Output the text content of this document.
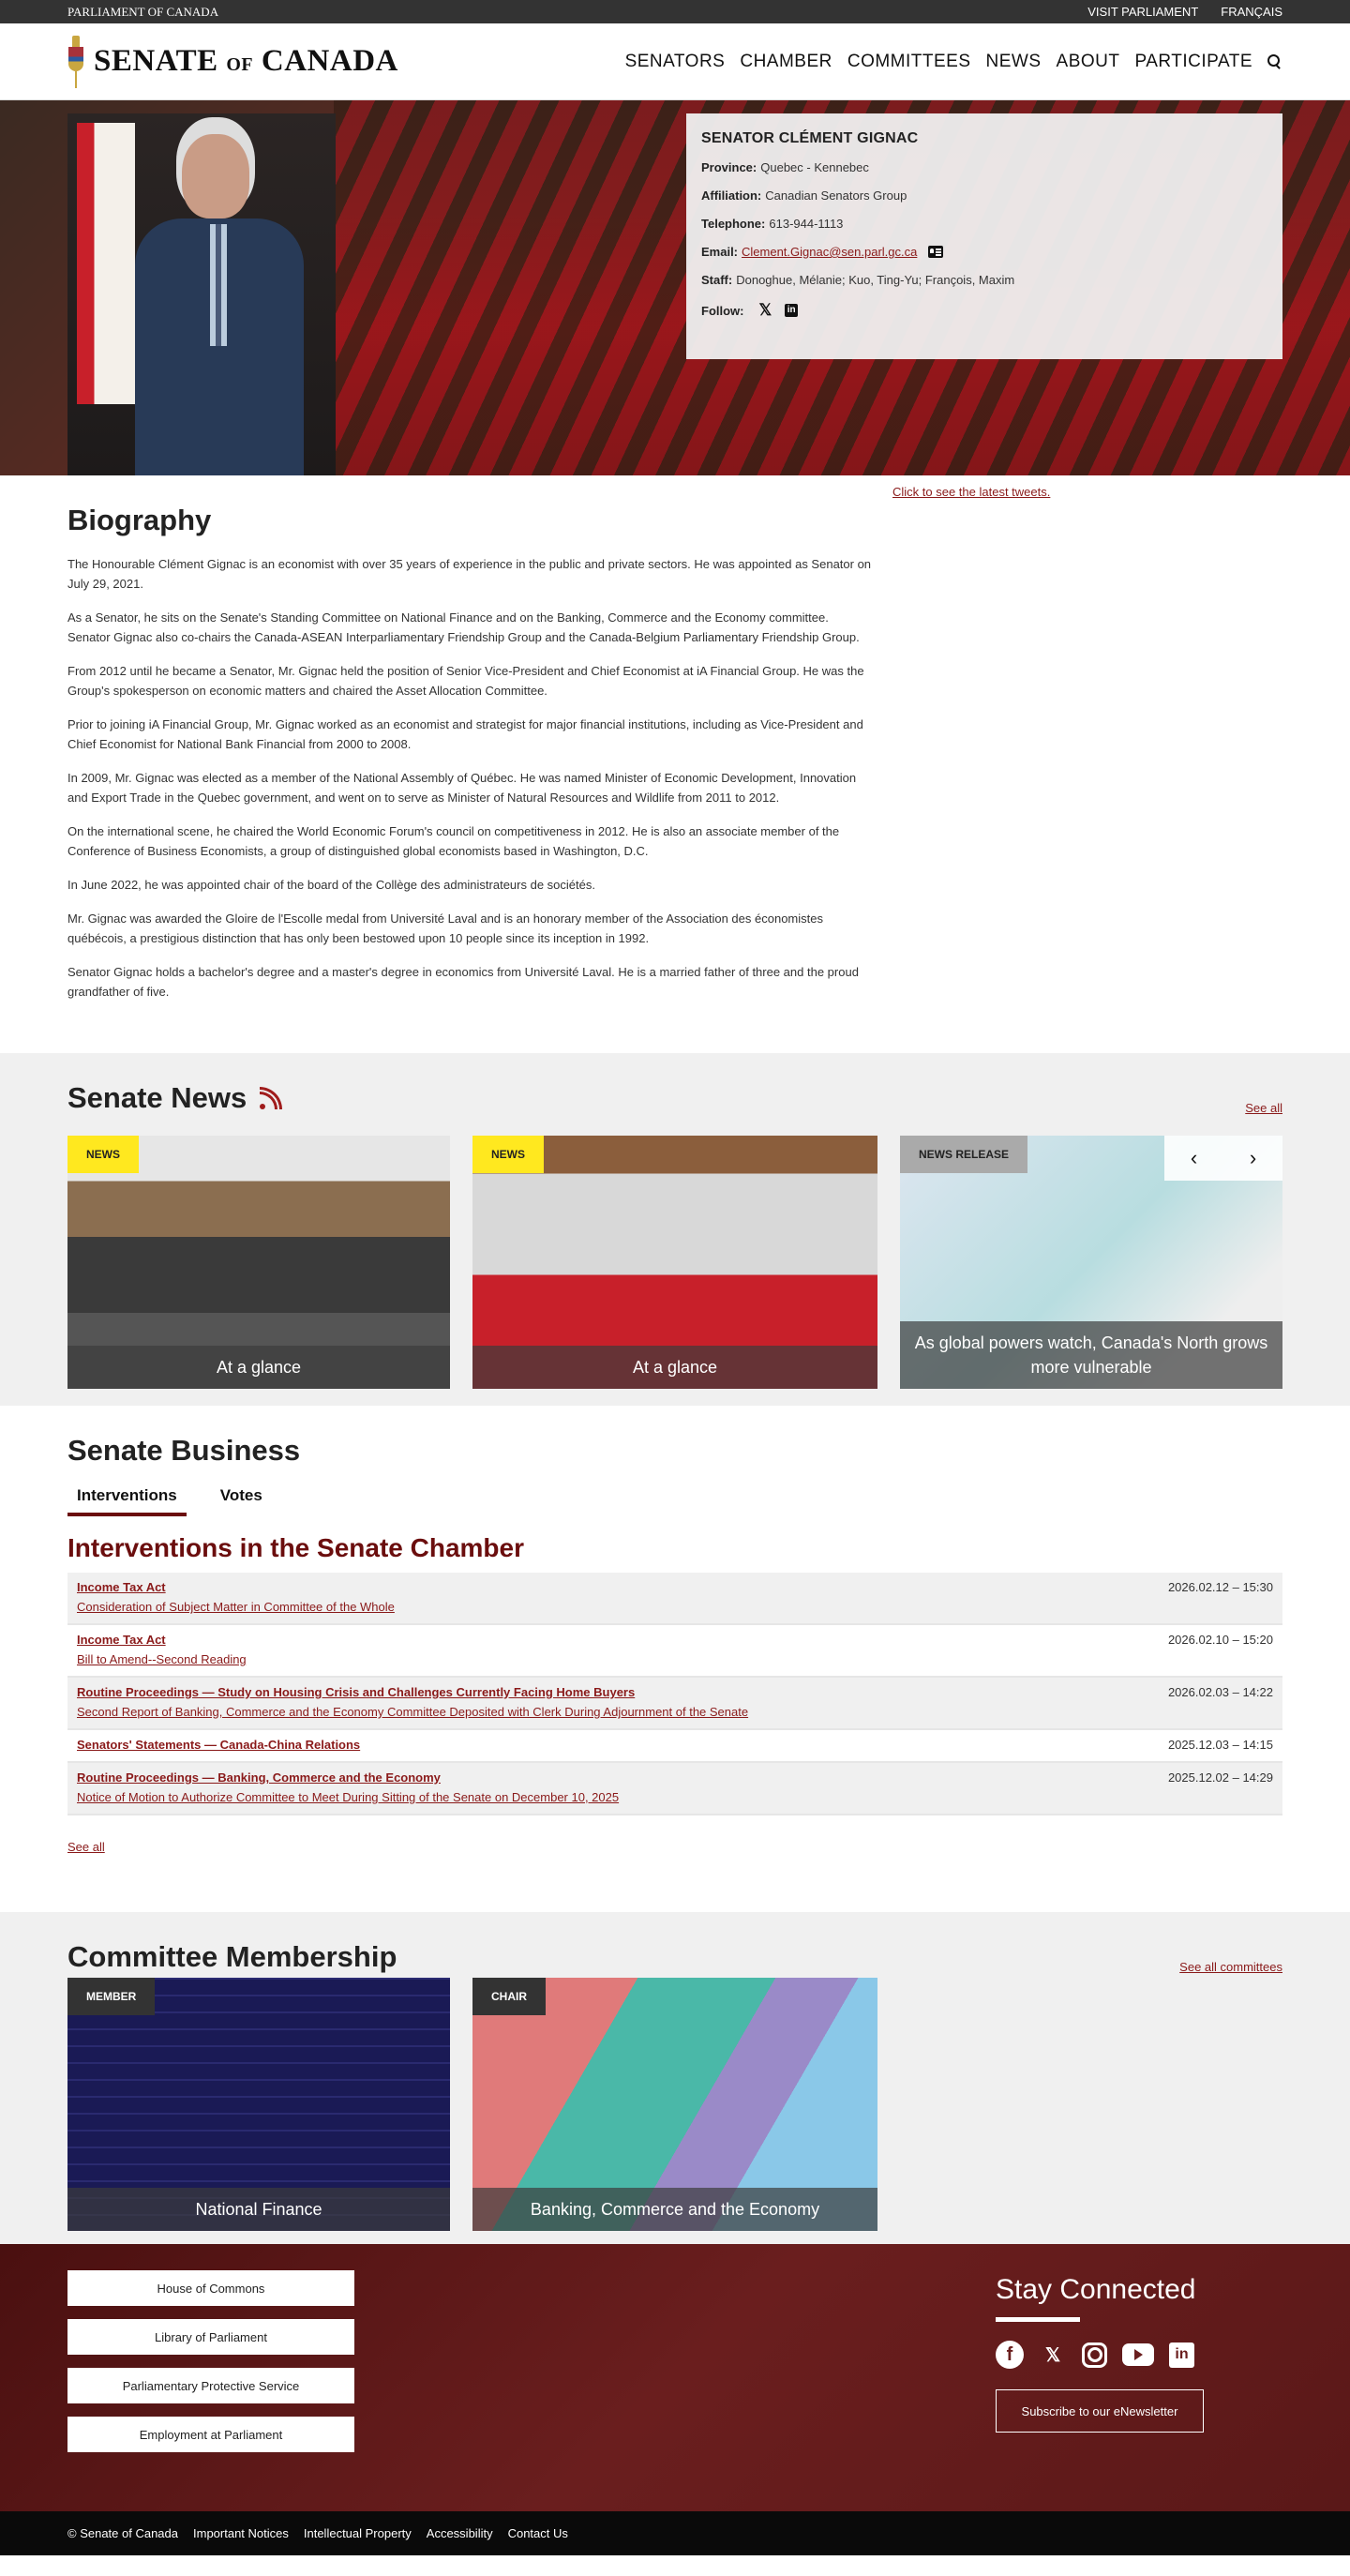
PARLIAMENT OF CANADA	VISIT PARLIAMENT FRANÇAIS
SENATE OF CANADA	SENATORS CHAMBER COMMITTEES NEWS ABOUT PARTICIPATE
SENATOR CLÉMENT GIGNAC
Province: Quebec - Kennebec
Affiliation: Canadian Senators Group
Telephone: 613-944-1113
Email: Clement.Gignac@sen.parl.gc.ca
Staff: Donoghue, Mélanie; Kuo, Ting-Yu; François, Maxim
Follow: 𝕏 in
Click to see the latest tweets.
Biography

The Honourable Clément Gignac is an economist with over 35 years of experience in the public and private sectors. He was appointed as Senator on July 29, 2021.

As a Senator, he sits on the Senate's Standing Committee on National Finance and on the Banking, Commerce and the Economy committee. Senator Gignac also co-chairs the Canada-ASEAN Interparliamentary Friendship Group and the Canada-Belgium Parliamentary Friendship Group.

From 2012 until he became a Senator, Mr. Gignac held the position of Senior Vice-President and Chief Economist at iA Financial Group. He was the Group's spokesperson on economic matters and chaired the Asset Allocation Committee.

Prior to joining iA Financial Group, Mr. Gignac worked as an economist and strategist for major financial institutions, including as Vice-President and Chief Economist for National Bank Financial from 2000 to 2008.

In 2009, Mr. Gignac was elected as a member of the National Assembly of Québec. He was named Minister of Economic Development, Innovation and Export Trade in the Quebec government, and went on to serve as Minister of Natural Resources and Wildlife from 2011 to 2012.

On the international scene, he chaired the World Economic Forum's council on competitiveness in 2012. He is also an associate member of the Conference of Business Economists, a group of distinguished global economists based in Washington, D.C.

In June 2022, he was appointed chair of the board of the Collège des administrateurs de sociétés.

Mr. Gignac was awarded the Gloire de l'Escolle medal from Université Laval and is an honorary member of the Association des économistes québécois, a prestigious distinction that has only been bestowed upon 10 people since its inception in 1992.

Senator Gignac holds a bachelor's degree and a master's degree in economics from Université Laval. He is a married father of three and the proud grandfather of five.

Senate News	See all
NEWS
At a glance
NEWS
At a glance
NEWS RELEASE	‹	›
As global powers watch, Canada's North grows more vulnerable
Senate Business
Interventions	Votes
Interventions in the Senate Chamber
Income Tax Act
Consideration of Subject Matter in Committee of the Whole
2026.02.12 – 15:30
Income Tax Act
Bill to Amend--Second Reading
2026.02.10 – 15:20
Routine Proceedings — Study on Housing Crisis and Challenges Currently Facing Home Buyers
Second Report of Banking, Commerce and the Economy Committee Deposited with Clerk During Adjournment of the Senate
2026.02.03 – 14:22
Senators' Statements — Canada-China Relations	2025.12.03 – 14:15
Routine Proceedings — Banking, Commerce and the Economy
Notice of Motion to Authorize Committee to Meet During Sitting of the Senate on December 10, 2025
2025.12.02 – 14:29
See all
Committee Membership	See all committees
MEMBER
National Finance
CHAIR
Banking, Commerce and the Economy
House of Commons
Library of Parliament
Parliamentary Protective Service
Employment at Parliament
Stay Connected
f	𝕏	in
Subscribe to our eNewsletter
© Senate of Canada Important Notices Intellectual Property Accessibility Contact Us
